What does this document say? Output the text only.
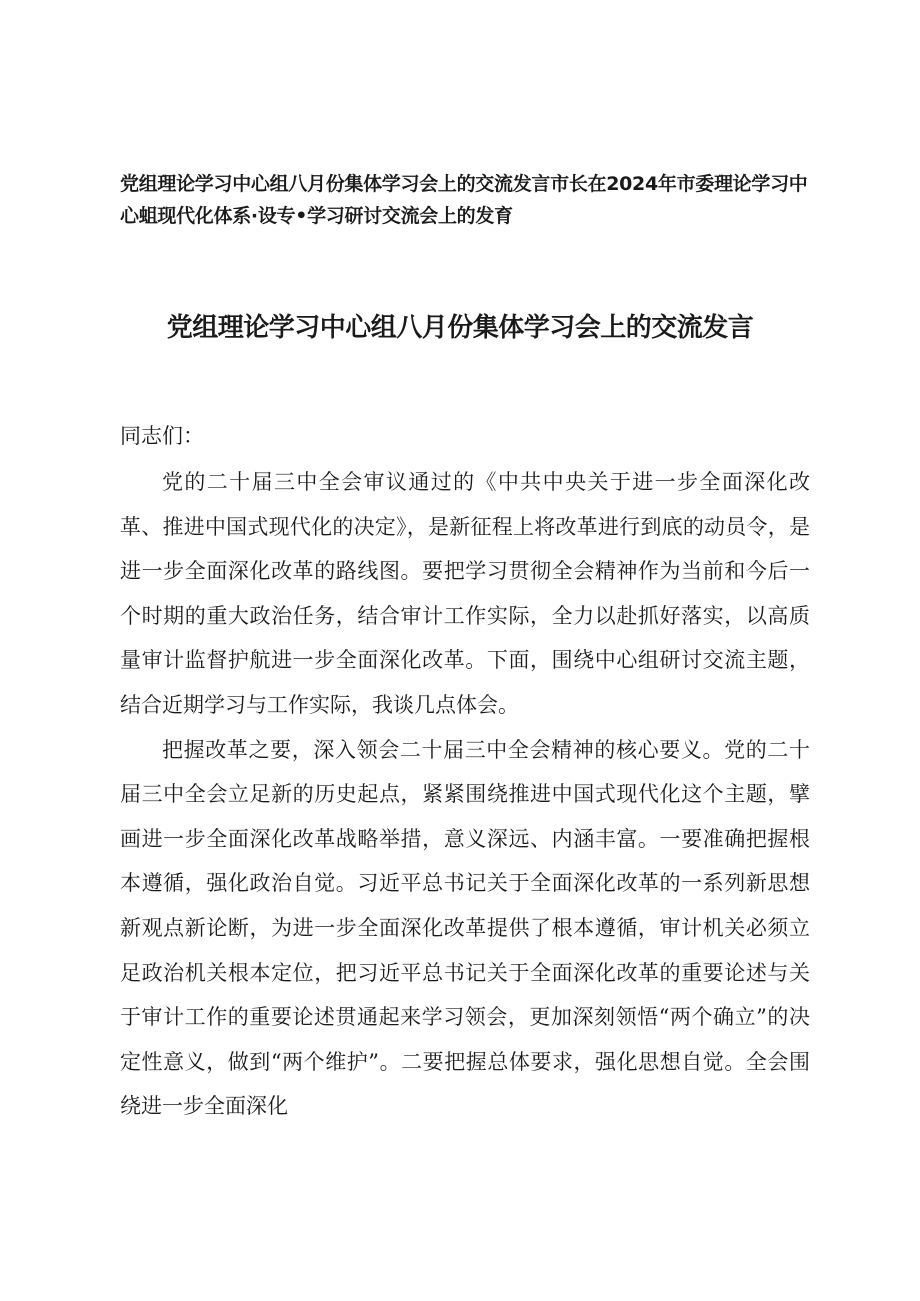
党组理论学习中心组八月份集体学习会上的交流发言市长在2024年市委理论学习中心蛆现代化体系·设专•学习研讨交流会上的发育
党组理论学习中心组八月份集体学习会上的交流发言
同志们：

党的二十届三中全会审议通过的《中共中央关于进一步全面深化改革、推进中国式现代化的决定》，是新征程上将改革进行到底的动员令，是进一步全面深化改革的路线图。要把学习贯彻全会精神作为当前和今后一个时期的重大政治任务，结合审计工作实际，全力以赴抓好落实，以高质量审计监督护航进一步全面深化改革。下面，围绕中心组研讨交流主题，结合近期学习与工作实际，我谈几点体会。

把握改革之要，深入领会二十届三中全会精神的核心要义。党的二十届三中全会立足新的历史起点，紧紧围绕推进中国式现代化这个主题，擘画进一步全面深化改革战略举措，意义深远、内涵丰富。一要准确把握根本遵循，强化政治自觉。习近平总书记关于全面深化改革的一系列新思想新观点新论断，为进一步全面深化改革提供了根本遵循，审计机关必须立足政治机关根本定位，把习近平总书记关于全面深化改革的重要论述与关于审计工作的重要论述贯通起来学习领会，更加深刻领悟“两个确立”的决定性意义，做到“两个维护”。二要把握总体要求，强化思想自觉。全会围绕进一步全面深化
